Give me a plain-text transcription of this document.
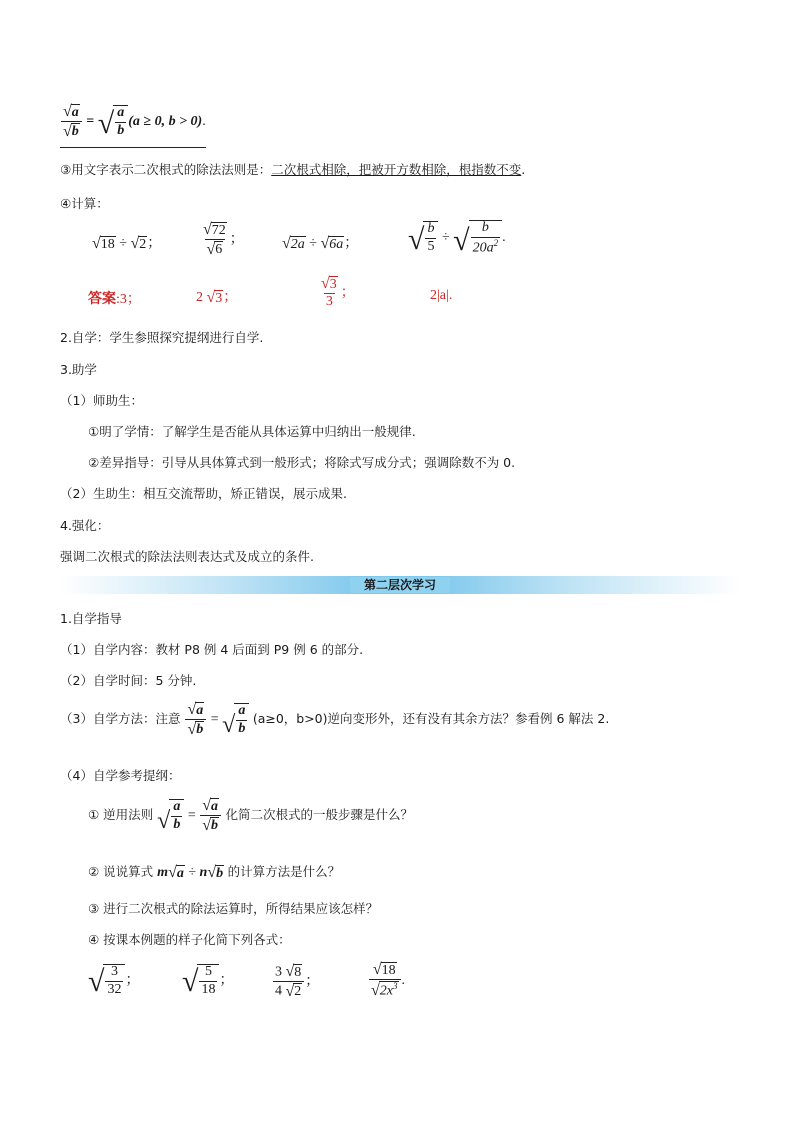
$\frac{√ a}{√ b}$ = √ $\frac{a}{b} (a \ge 0$, b > 0).
③用文字表示二次根式的除法法则是：二次根式相除，把被开方数相除，根指数不变.
④计算：
√ 18 ÷ √ 2 ； $\frac{√ 72}{√ 6}$ ； √ 2a ÷ √ 6a ； √ $\frac{b}{5}$ ÷ √ $\frac{b}{20a^2}$ .
答案:3；	2 √ 3 ；	$\frac{√ 3}{3}$ ；	2|a|.
2.自学：学生参照探究提纲进行自学.
3.助学
（1）师助生：
①明了学情：了解学生是否能从具体运算中归纳出一般规律.
②差异指导：引导从具体算式到一般形式；将除式写成分式；强调除数不为 0.
（2）生助生：相互交流帮助，矫正错误，展示成果.
4.强化：
强调二次根式的除法法则表达式及成立的条件.
第二层次学习
1.自学指导
（1）自学内容：教材 P8 例 4 后面到 P9 例 6 的部分.
（2）自学时间：5 分钟.
（3）自学方法：注意 $\frac{√ a}{√ b}$ = √ $\frac{a}{b} (a\ge 0$，b>0)逆向变形外，还有没有其余方法？参看例 6 解法 2.
（4）自学参考提纲：
① 逆用法则 √ $\frac{a}{b} = \frac{√ a}{√ b}$ 化简二次根式的一般步骤是什么？
② 说说算式 m √ a ÷ n √ b 的计算方法是什么？
③ 进行二次根式的除法运算时，所得结果应该怎样？
④ 按课本例题的样子化简下列各式：
√ $\frac{3}{32}$ ； √ $\frac{5}{18}$ ；	$\frac{3 √ 8}{4 √ 2}$ ；	$\frac{√ 18}{√ 2x^3}$ .
